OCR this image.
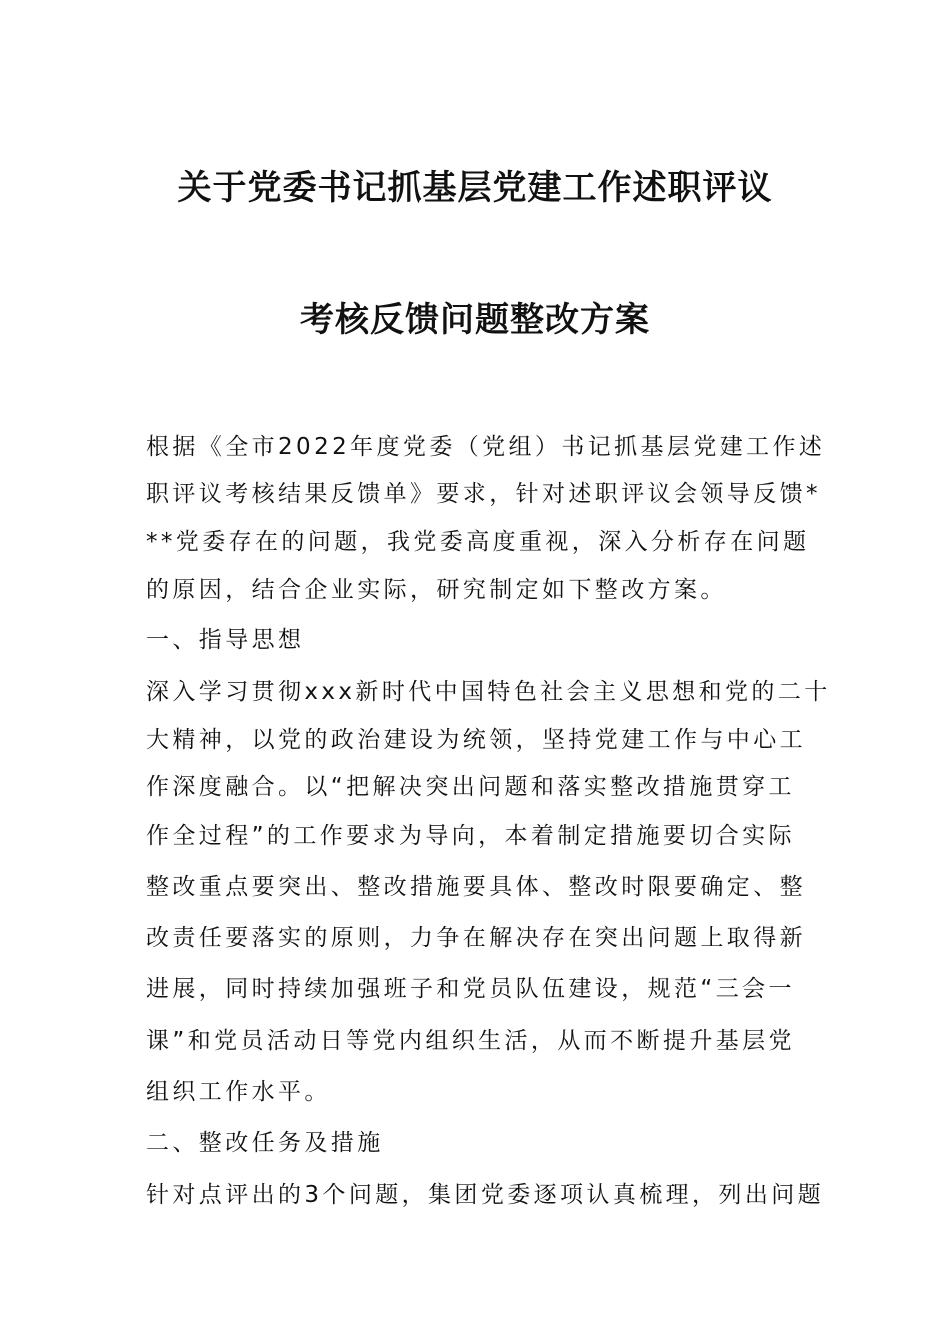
关于党委书记抓基层党建工作述职评议
考核反馈问题整改方案
根据《全市2022年度党委（党组）书记抓基层党建工作述
职评议考核结果反馈单》要求，针对述职评议会领导反馈*
**党委存在的问题，我党委高度重视，深入分析存在问题
的原因，结合企业实际，研究制定如下整改方案。
一、指导思想
深入学习贯彻xxx新时代中国特色社会主义思想和党的二十
大精神，以党的政治建设为统领，坚持党建工作与中心工
作深度融合。以“把解决突出问题和落实整改措施贯穿工
作全过程”的工作要求为导向，本着制定措施要切合实际
整改重点要突出、整改措施要具体、整改时限要确定、整
改责任要落实的原则，力争在解决存在突出问题上取得新
进展，同时持续加强班子和党员队伍建设，规范“三会一
课”和党员活动日等党内组织生活，从而不断提升基层党
组织工作水平。
二、整改任务及措施
针对点评出的3个问题，集团党委逐项认真梳理，列出问题
